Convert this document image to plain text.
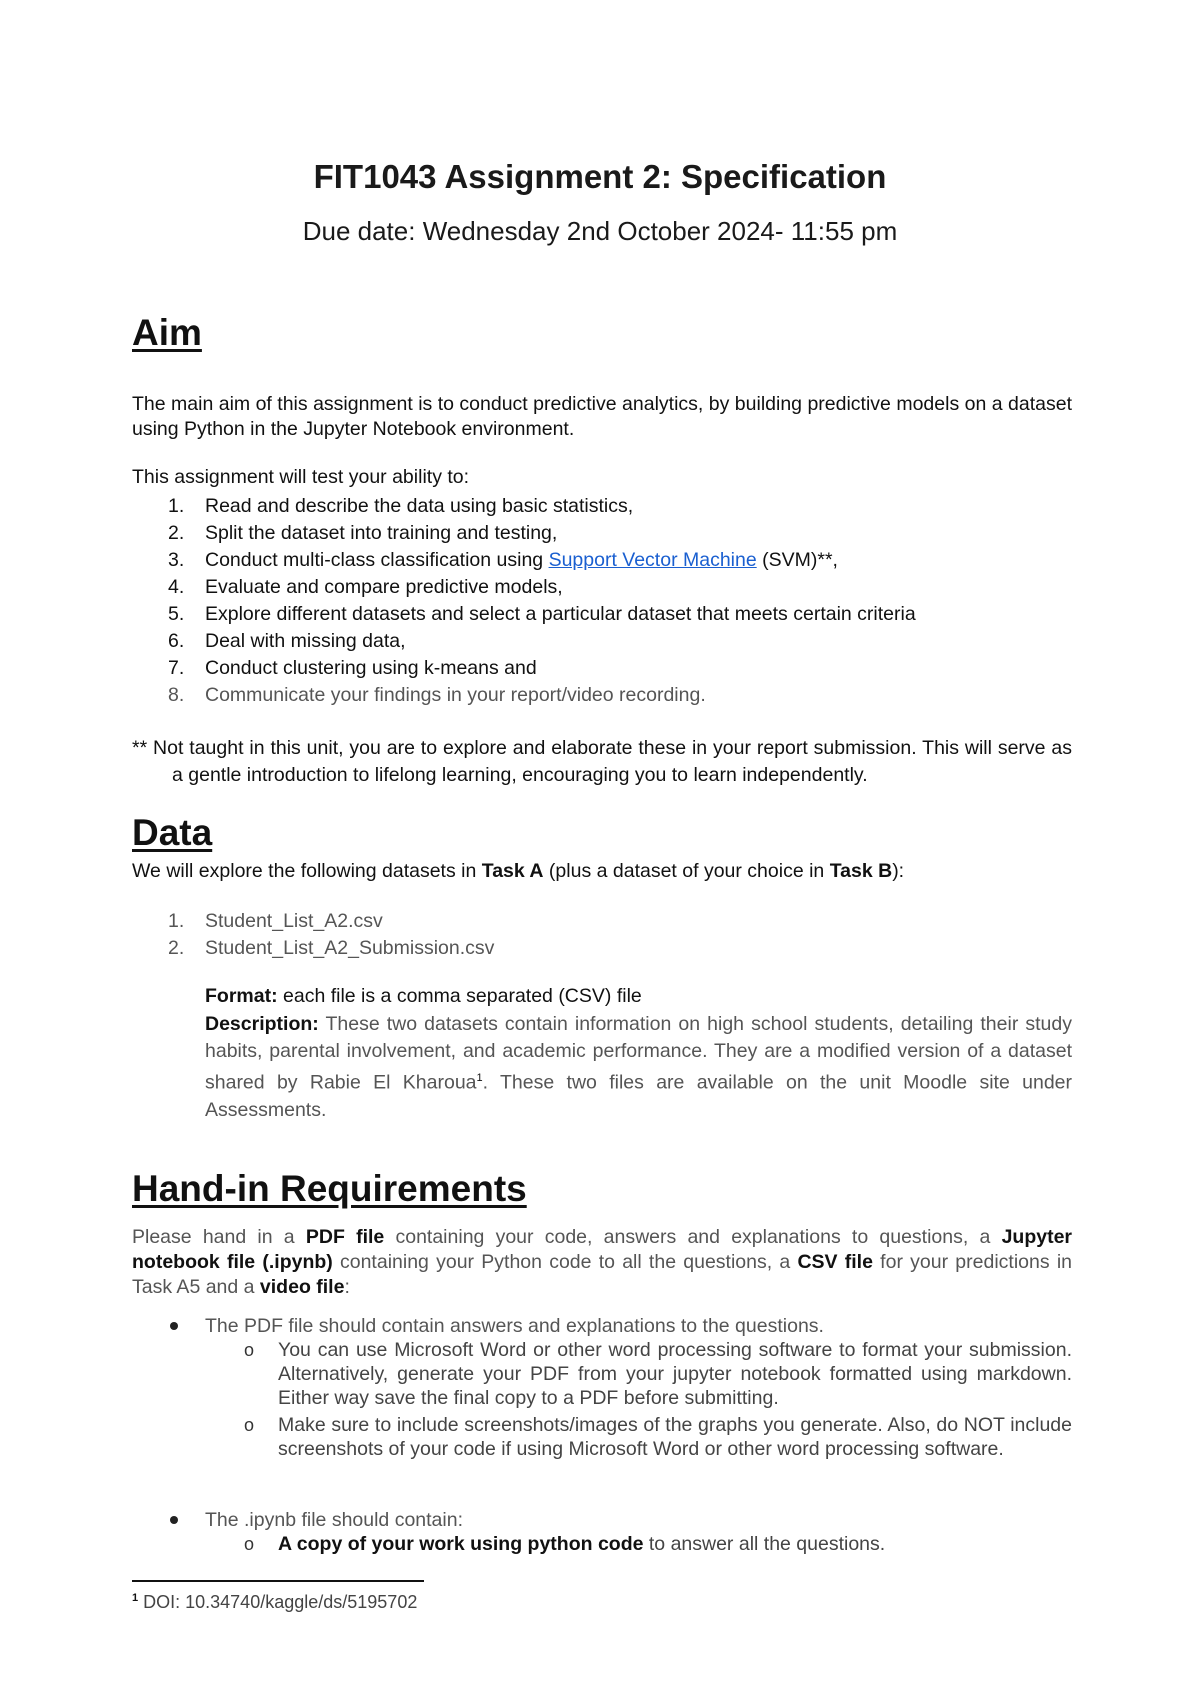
FIT1043 Assignment 2: Specification
Due date: Wednesday 2nd October 2024- 11:55 pm
Aim
The main aim of this assignment is to conduct predictive analytics, by building predictive models on a dataset using Python in the Jupyter Notebook environment.
This assignment will test your ability to:
1. Read and describe the data using basic statistics,
2. Split the dataset into training and testing,
3. Conduct multi-class classification using Support Vector Machine (SVM)**,
4. Evaluate and compare predictive models,
5. Explore different datasets and select a particular dataset that meets certain criteria
6. Deal with missing data,
7. Conduct clustering using k-means and
8. Communicate your findings in your report/video recording.
** Not taught in this unit, you are to explore and elaborate these in your report submission. This will serve as a gentle introduction to lifelong learning, encouraging you to learn independently.
Data
We will explore the following datasets in Task A (plus a dataset of your choice in Task B):
1. Student_List_A2.csv
2. Student_List_A2_Submission.csv
Format: each file is a comma separated (CSV) file
Description: These two datasets contain information on high school students, detailing their study habits, parental involvement, and academic performance. They are a modified version of a dataset shared by Rabie El Kharoua$^1$. These two files are available on the unit Moodle site under Assessments.
Hand-in Requirements
Please hand in a PDF file containing your code, answers and explanations to questions, a Jupyter notebook file (.ipynb) containing your Python code to all the questions, a CSV file for your predictions in Task A5 and a video file:
The PDF file should contain answers and explanations to the questions.
o You can use Microsoft Word or other word processing software to format your submission. Alternatively, generate your PDF from your jupyter notebook formatted using markdown. Either way save the final copy to a PDF before submitting.
o Make sure to include screenshots/images of the graphs you generate. Also, do NOT include screenshots of your code if using Microsoft Word or other word processing software.
The .ipynb file should contain:
o A copy of your work using python code to answer all the questions.
$^1$ DOI: 10.34740/kaggle/ds/5195702
